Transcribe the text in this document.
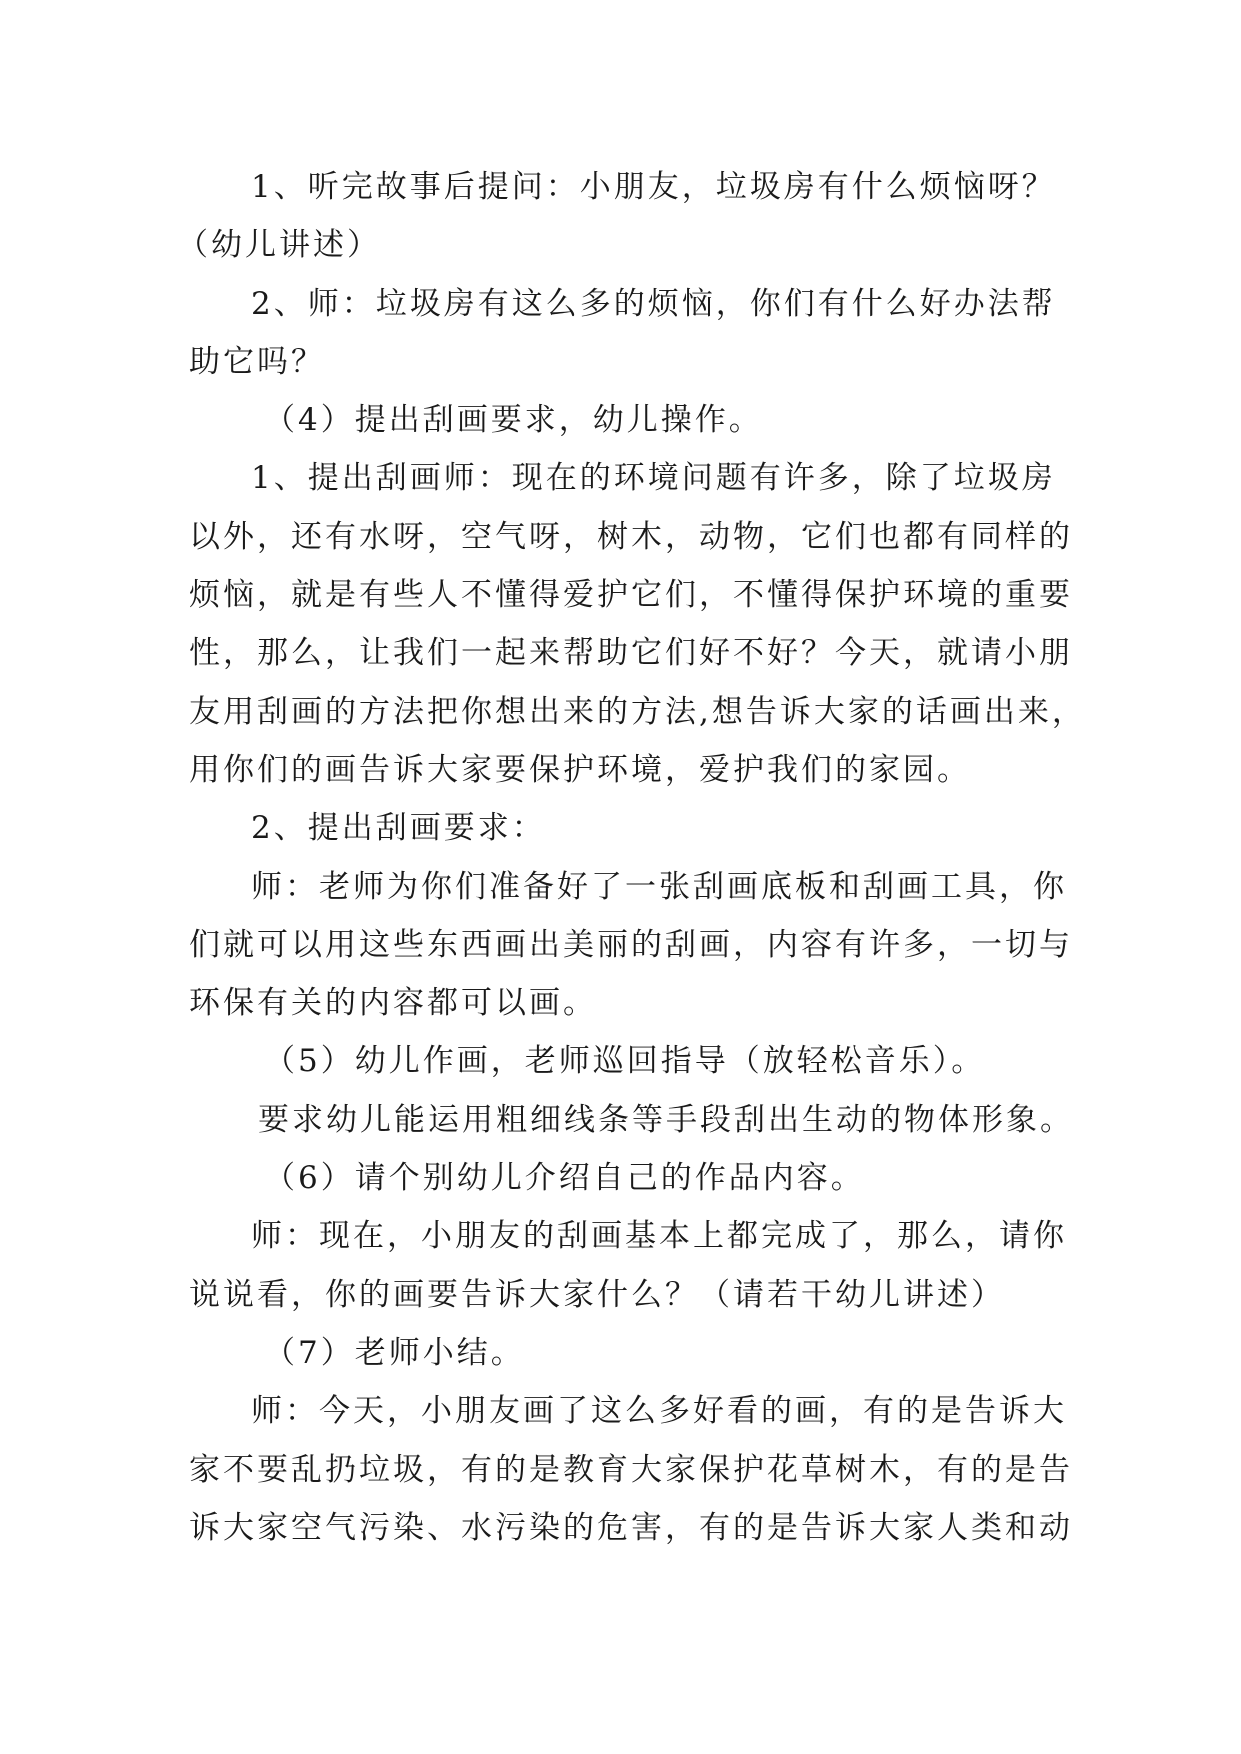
1、听完故事后提问：小朋友，垃圾房有什么烦恼呀？
（幼儿讲述）
2、师：垃圾房有这么多的烦恼，你们有什么好办法帮
助它吗？
（4）提出刮画要求，幼儿操作。
1、提出刮画师：现在的环境问题有许多，除了垃圾房
以外，还有水呀，空气呀，树木，动物，它们也都有同样的
烦恼，就是有些人不懂得爱护它们，不懂得保护环境的重要
性，那么，让我们一起来帮助它们好不好？今天，就请小朋
友用刮画的方法把你想出来的方法,想告诉大家的话画出来，
用你们的画告诉大家要保护环境，爱护我们的家园。
2、提出刮画要求：
师：老师为你们准备好了一张刮画底板和刮画工具，你
们就可以用这些东西画出美丽的刮画，内容有许多，一切与
环保有关的内容都可以画。
（5）幼儿作画，老师巡回指导（放轻松音乐）。
要求幼儿能运用粗细线条等手段刮出生动的物体形象。
（6）请个别幼儿介绍自己的作品内容。
师：现在，小朋友的刮画基本上都完成了，那么，请你
说说看，你的画要告诉大家什么？（请若干幼儿讲述）
（7）老师小结。
师：今天，小朋友画了这么多好看的画，有的是告诉大
家不要乱扔垃圾，有的是教育大家保护花草树木，有的是告
诉大家空气污染、水污染的危害，有的是告诉大家人类和动
